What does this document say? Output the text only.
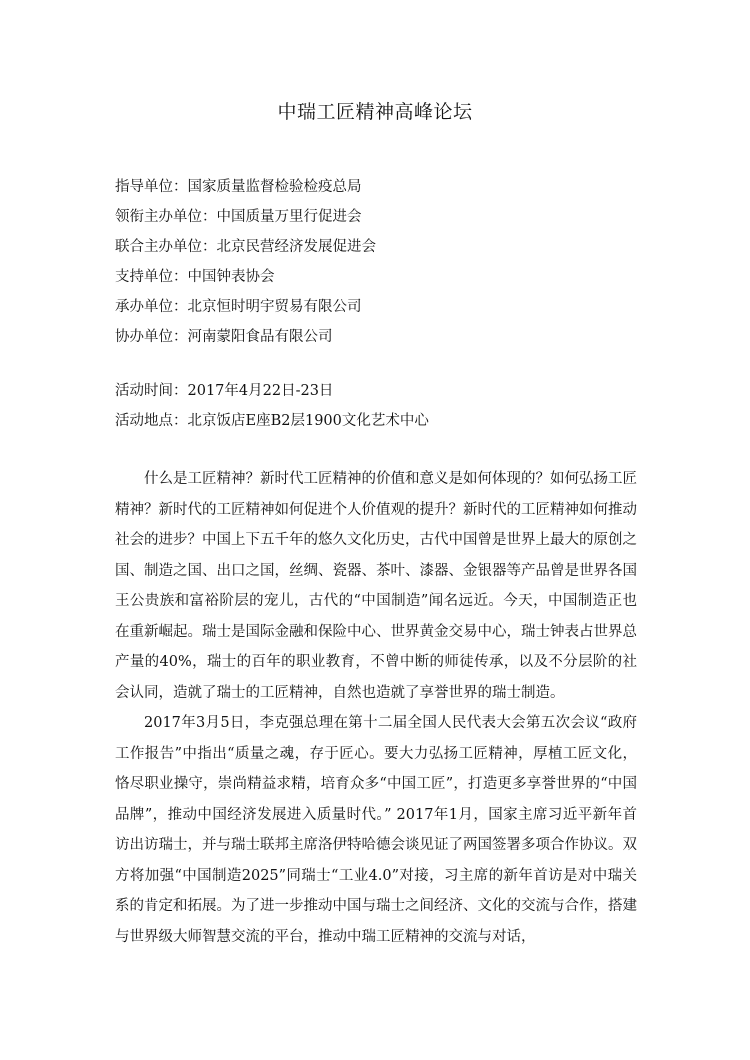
中瑞工匠精神高峰论坛
指导单位：国家质量监督检验检疫总局
领衔主办单位：中国质量万里行促进会
联合主办单位：北京民营经济发展促进会
支持单位：中国钟表协会
承办单位：北京恒时明宇贸易有限公司
协办单位：河南蒙阳食品有限公司
活动时间：2017年4月22日-23日
活动地点：北京饭店E座B2层1900文化艺术中心

什么是工匠精神？新时代工匠精神的价值和意义是如何体现的？如何弘扬工匠精神？新时代的工匠精神如何促进个人价值观的提升？新时代的工匠精神如何推动社会的进步？中国上下五千年的悠久文化历史，古代中国曾是世界上最大的原创之国、制造之国、出口之国，丝绸、瓷器、茶叶、漆器、金银器等产品曾是世界各国王公贵族和富裕阶层的宠儿，古代的“中国制造”闻名远近。今天，中国制造正也在重新崛起。瑞士是国际金融和保险中心、世界黄金交易中心，瑞士钟表占世界总产量的40%，瑞士的百年的职业教育，不曾中断的师徒传承，以及不分层阶的社会认同，造就了瑞士的工匠精神，自然也造就了享誉世界的瑞士制造。

2017年3月5日，李克强总理在第十二届全国人民代表大会第五次会议“政府工作报告”中指出“质量之魂，存于匠心。要大力弘扬工匠精神，厚植工匠文化，恪尽职业操守，崇尚精益求精，培育众多“中国工匠”，打造更多享誉世界的“中国品牌”，推动中国经济发展进入质量时代。” 2017年1月，国家主席习近平新年首访出访瑞士，并与瑞士联邦主席洛伊特哈德会谈见证了两国签署多项合作协议。双方将加强“中国制造2025”同瑞士“工业4.0”对接，习主席的新年首访是对中瑞关系的肯定和拓展。为了进一步推动中国与瑞士之间经济、文化的交流与合作，搭建与世界级大师智慧交流的平台，推动中瑞工匠精神的交流与对话，
